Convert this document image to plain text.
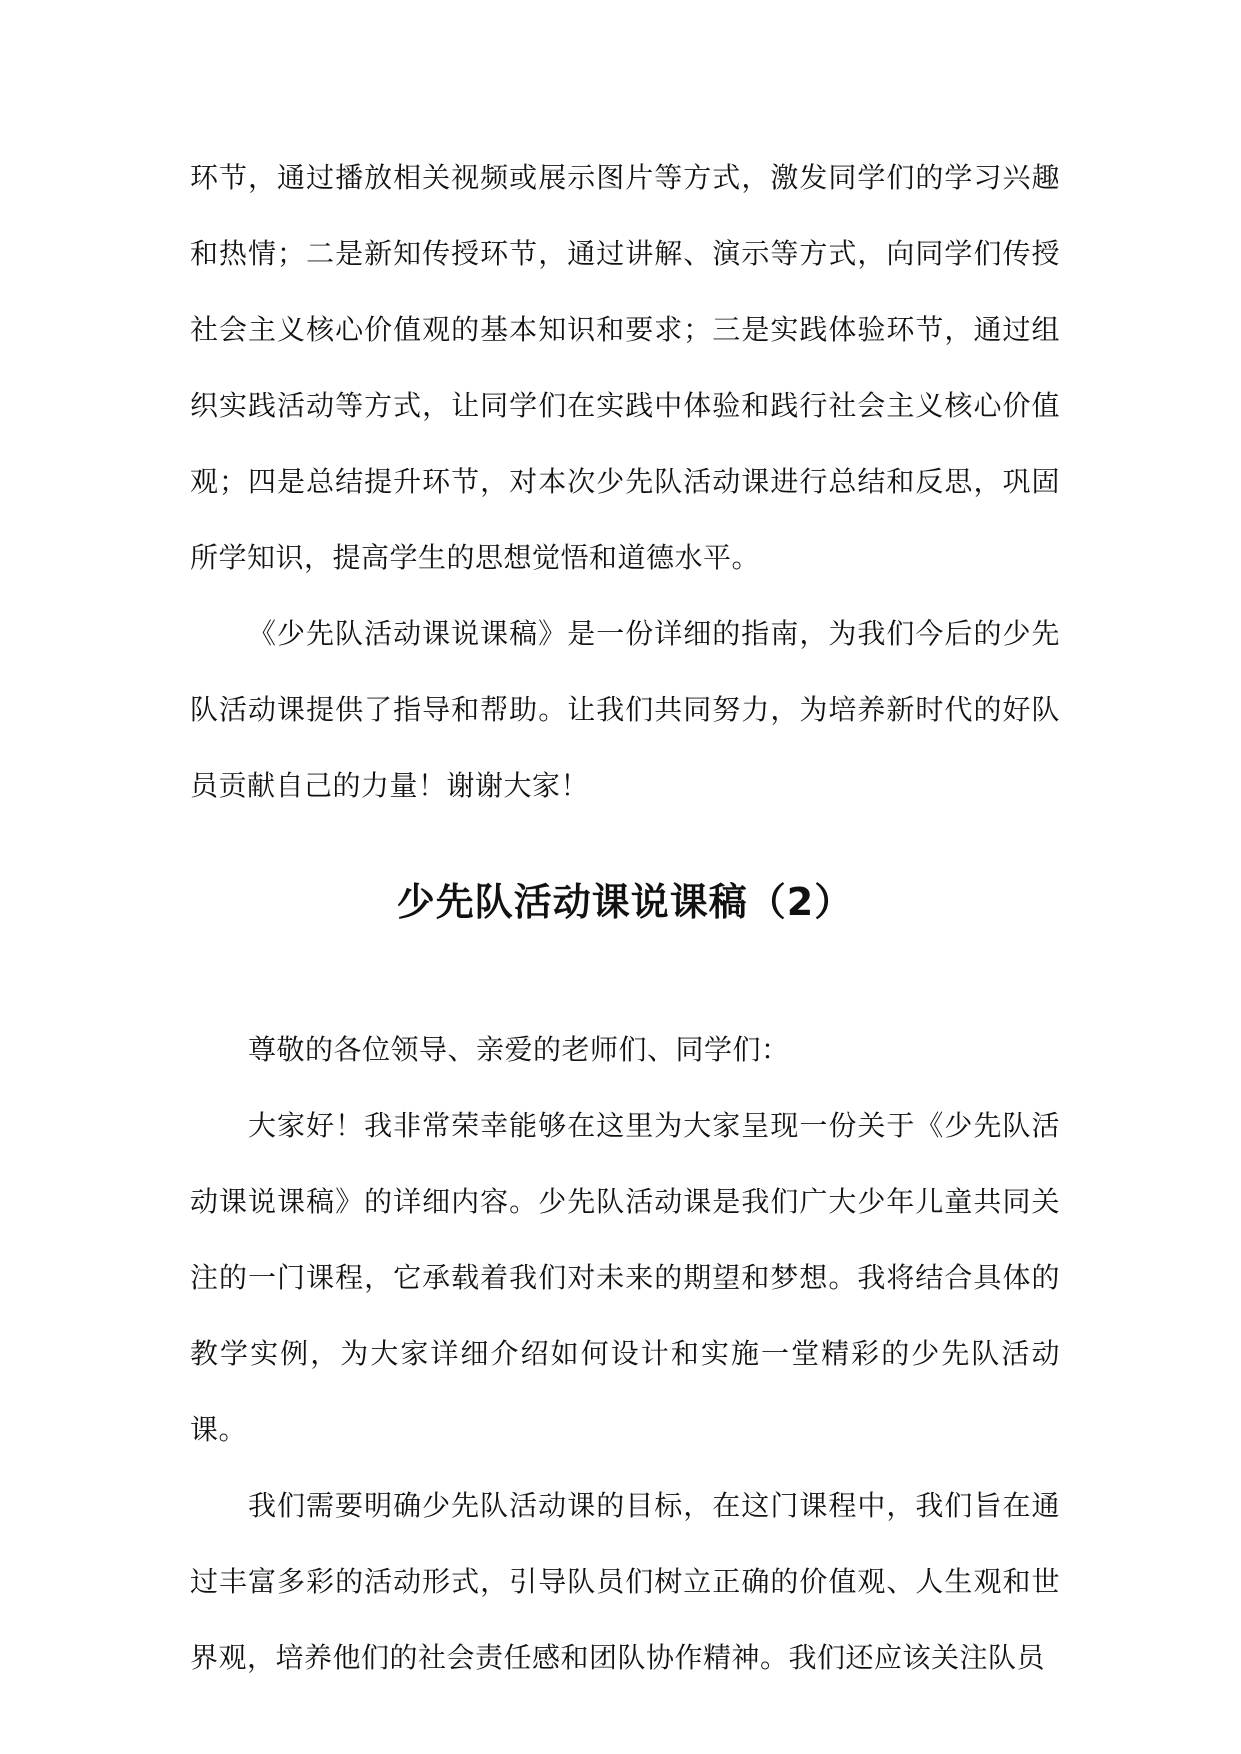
环节，通过播放相关视频或展示图片等方式，激发同学们的学习兴趣和热情；二是新知传授环节，通过讲解、演示等方式，向同学们传授社会主义核心价值观的基本知识和要求；三是实践体验环节，通过组织实践活动等方式，让同学们在实践中体验和践行社会主义核心价值观；四是总结提升环节，对本次少先队活动课进行总结和反思，巩固所学知识，提高学生的思想觉悟和道德水平。

《少先队活动课说课稿》是一份详细的指南，为我们今后的少先队活动课提供了指导和帮助。让我们共同努力，为培养新时代的好队员贡献自己的力量！谢谢大家！

少先队活动课说课稿（2）

尊敬的各位领导、亲爱的老师们、同学们：

大家好！我非常荣幸能够在这里为大家呈现一份关于《少先队活动课说课稿》的详细内容。少先队活动课是我们广大少年儿童共同关注的一门课程，它承载着我们对未来的期望和梦想。我将结合具体的教学实例，为大家详细介绍如何设计和实施一堂精彩的少先队活动课。

我们需要明确少先队活动课的目标，在这门课程中，我们旨在通过丰富多彩的活动形式，引导队员们树立正确的价值观、人生观和世界观，培养他们的社会责任感和团队协作精神。我们还应该关注队员
